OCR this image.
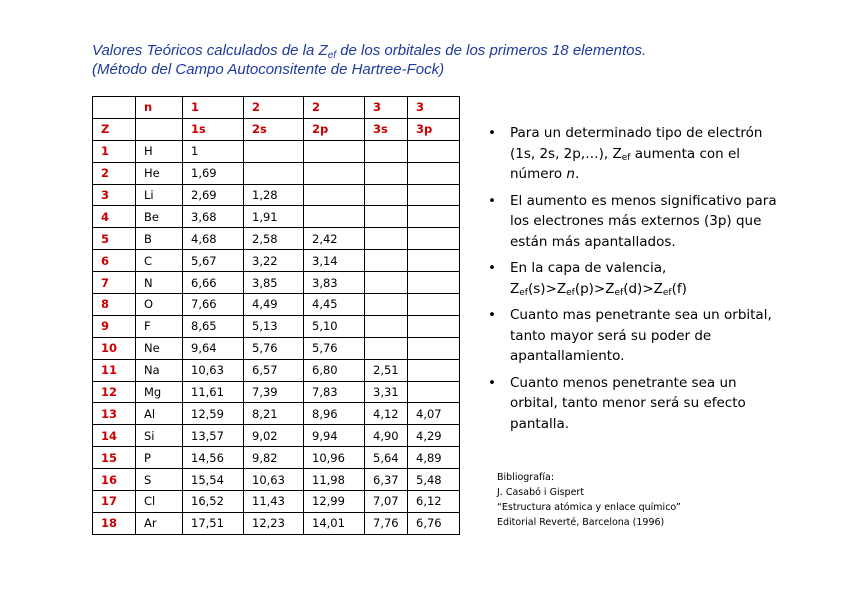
Valores Teóricos calculados de la $Z_{ef}$ de los orbitales de los primeros 18 elementos.
(Método del Campo Autoconsitente de Hartree-Fock)
	n	1	2	2	3	3
Z		1s	2s	2p	3s	3p
1	H	1				
2	He	1,69				
3	Li	2,69	1,28			
4	Be	3,68	1,91			
5	B	4,68	2,58	2,42		
6	C	5,67	3,22	3,14		
7	N	6,66	3,85	3,83		
8	O	7,66	4,49	4,45		
9	F	8,65	5,13	5,10		
10	Ne	9,64	5,76	5,76		
11	Na	10,63	6,57	6,80	2,51	
12	Mg	11,61	7,39	7,83	3,31	
13	Al	12,59	8,21	8,96	4,12	4,07
14	Si	13,57	9,02	9,94	4,90	4,29
15	P	14,56	9,82	10,96	5,64	4,89
16	S	15,54	10,63	11,98	6,37	5,48
17	Cl	16,52	11,43	12,99	7,07	6,12
18	Ar	17,51	12,23	14,01	7,76	6,76
• Para un determinado tipo de electrón (1s, 2s, 2p,…), $Z_{ef}$ aumenta con el número n.
• El aumento es menos significativo para los electrones más externos (3p) que están más apantallados.
• En la capa de valencia,
$Z_{ef}(s)>Z_{ef}(p)>Z_{ef}(d)>Z_{ef}(f)$
• Cuanto mas penetrante sea un orbital, tanto mayor será su poder de apantallamiento.
• Cuanto menos penetrante sea un orbital, tanto menor será su efecto pantalla.
Bibliografía:
J. Casabó i Gispert
“Estructura atómica y enlace químico”
Editorial Reverté, Barcelona (1996)
